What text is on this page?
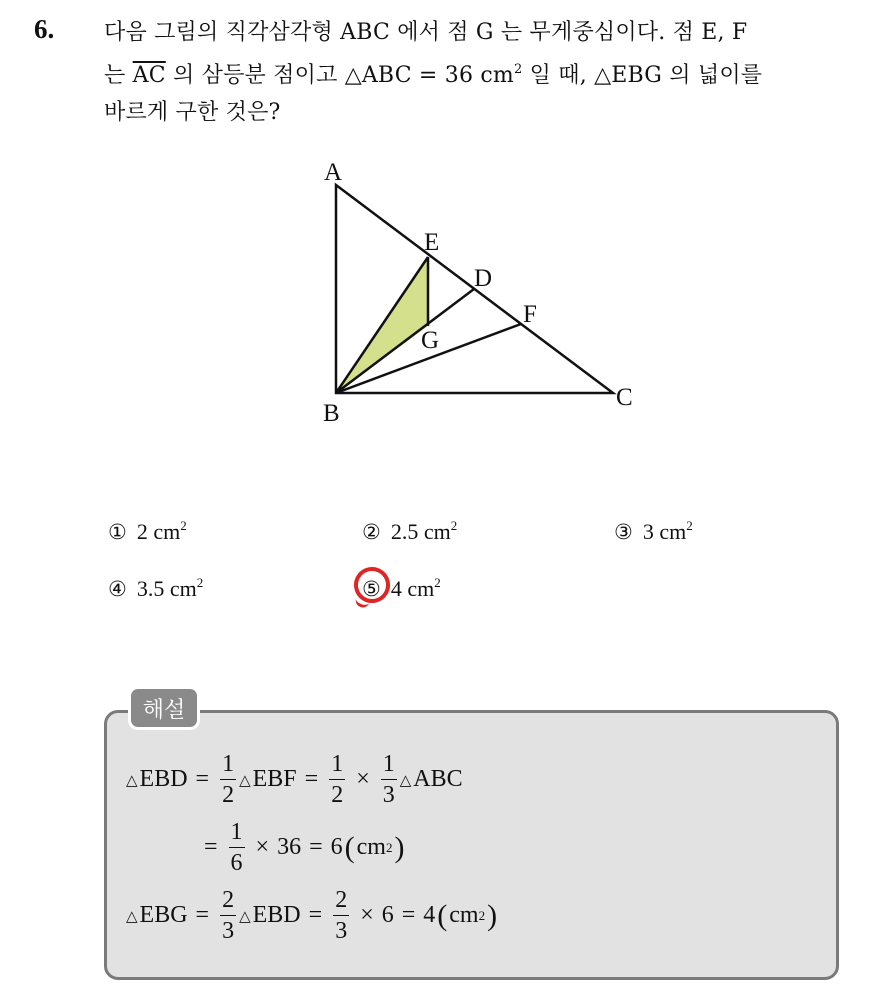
6. 다음 그림의 직각삼각형 ABC 에서 점 G 는 무게중심이다. 점 E, F
는 $\overline{AC}$ 의 삼등분 점이고 △ABC = 36 $cm^2$ 일 때, △EBG 의 넓이를
바르게 구한 것은?
A
B
C
D
E
F
G
① 2 $cm^2$	② 2.5 $cm^2$	③ 3 $cm^2$
④ 3.5 $cm^2$	⑤ 4 $cm^2$
해설
△ EBD = $\frac{1}{2}$ △ EBF = $\frac{1}{2} \times \frac{1}{3}$ △ ABC
= $\frac{1}{6} \times 36 = 6$ ( cm 2 )
△ EBG = $\frac{2}{3}$ △ EBD = $\frac{2}{3} \times 6 = 4$ ( cm 2 )
